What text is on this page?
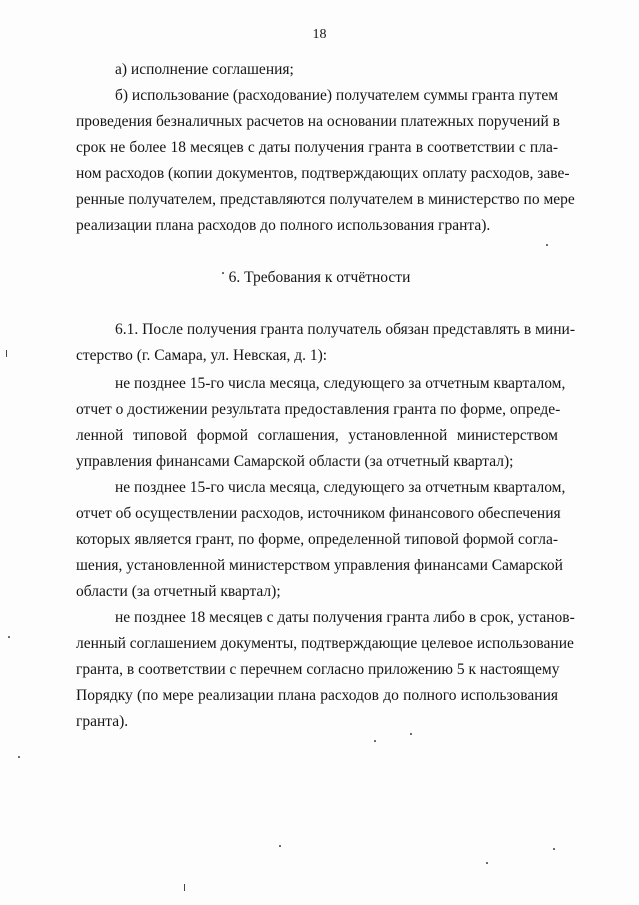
18
а) исполнение соглашения;
б) использование (расходование) получателем суммы гранта путем
проведения безналичных расчетов на основании платежных поручений в
срок не более 18 месяцев с даты получения гранта в соответствии с пла-
ном расходов (копии документов, подтверждающих оплату расходов, заве-
ренные получателем, представляются получателем в министерство по мере
реализации плана расходов до полного использования гранта).
6. Требования к отчётности
6.1. После получения гранта получатель обязан представлять в мини-
стерство (г. Самара, ул. Невская, д. 1):
не позднее 15-го числа месяца, следующего за отчетным кварталом,
отчет о достижении результата предоставления гранта по форме, опреде-
ленной типовой формой соглашения, установленной министерством
управления финансами Самарской области (за отчетный квартал);
не позднее 15-го числа месяца, следующего за отчетным кварталом,
отчет об осуществлении расходов, источником финансового обеспечения
которых является грант, по форме, определенной типовой формой согла-
шения, установленной министерством управления финансами Самарской
области (за отчетный квартал);
не позднее 18 месяцев с даты получения гранта либо в срок, установ-
ленный соглашением документы, подтверждающие целевое использование
гранта, в соответствии с перечнем согласно приложению 5 к настоящему
Порядку (по мере реализации плана расходов до полного использования
гранта).
